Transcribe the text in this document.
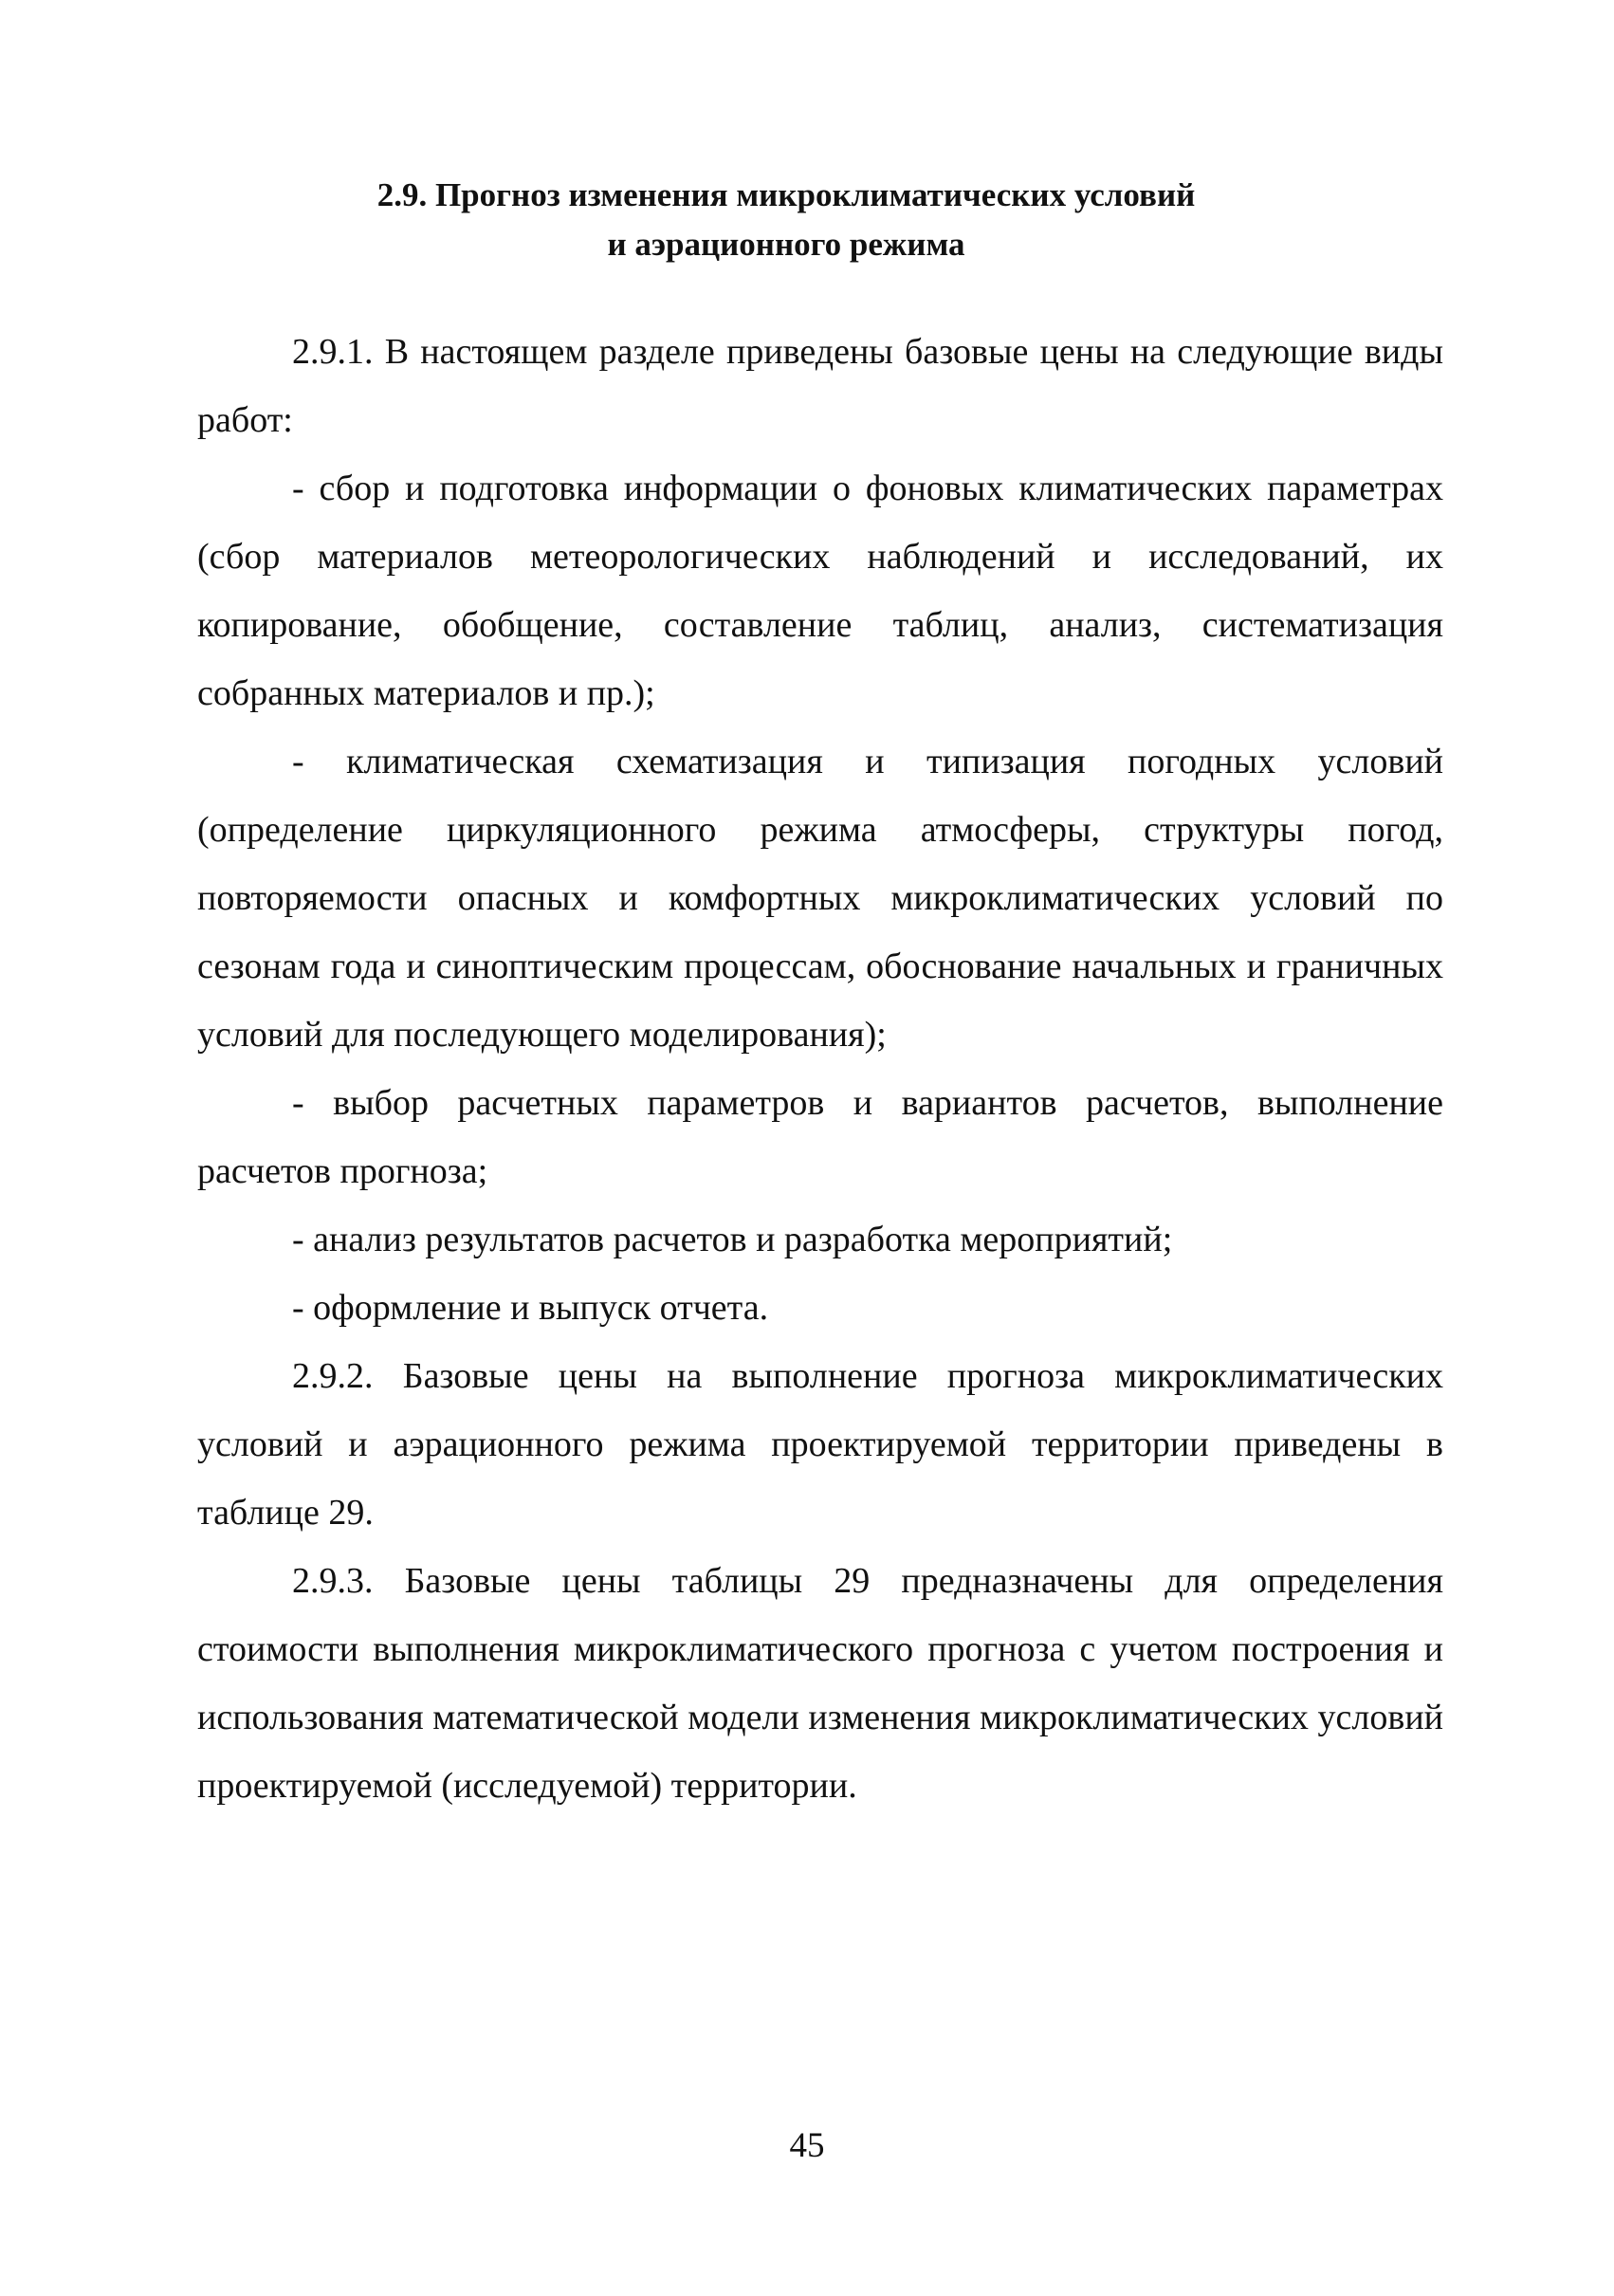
2.9. Прогноз изменения микроклиматических условий
и аэрационного режима

2.9.1. В настоящем разделе приведены базовые цены на следующие виды работ:

- сбор и подготовка информации о фоновых климатических параметрах (сбор материалов метеорологических наблюдений и исследований, их копирование, обобщение, составление таблиц, анализ, систематизация собранных материалов и пр.);

- климатическая схематизация и типизация погодных условий (определение циркуляционного режима атмосферы, структуры погод, повторяемости опасных и комфортных микроклиматических условий по сезонам года и синоптическим процессам, обоснование начальных и граничных условий для последующего моделирования);

- выбор расчетных параметров и вариантов расчетов, выполнение расчетов прогноза;

- анализ результатов расчетов и разработка мероприятий;

- оформление и выпуск отчета.

2.9.2. Базовые цены на выполнение прогноза микроклиматических условий и аэрационного режима проектируемой территории приведены в таблице 29.

2.9.3. Базовые цены таблицы 29 предназначены для определения стоимости выполнения микроклиматического прогноза с учетом построения и использования математической модели изменения микроклиматических условий проектируемой (исследуемой) территории.

45
